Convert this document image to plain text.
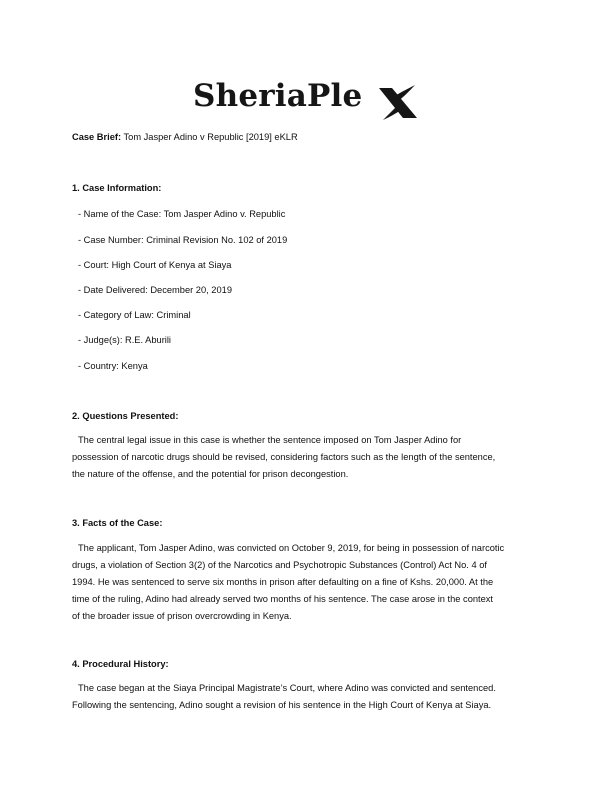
SheriaPle
Case Brief: Tom Jasper Adino v Republic [2019] eKLR
1. Case Information:
- Name of the Case: Tom Jasper Adino v. Republic
- Case Number: Criminal Revision No. 102 of 2019
- Court: High Court of Kenya at Siaya
- Date Delivered: December 20, 2019
- Category of Law: Criminal
- Judge(s): R.E. Aburili
- Country: Kenya
2. Questions Presented:
The central legal issue in this case is whether the sentence imposed on Tom Jasper Adino for
possession of narcotic drugs should be revised, considering factors such as the length of the sentence,
the nature of the offense, and the potential for prison decongestion.
3. Facts of the Case:
The applicant, Tom Jasper Adino, was convicted on October 9, 2019, for being in possession of narcotic
drugs, a violation of Section 3(2) of the Narcotics and Psychotropic Substances (Control) Act No. 4 of
1994. He was sentenced to serve six months in prison after defaulting on a fine of Kshs. 20,000. At the
time of the ruling, Adino had already served two months of his sentence. The case arose in the context
of the broader issue of prison overcrowding in Kenya.
4. Procedural History:
The case began at the Siaya Principal Magistrate’s Court, where Adino was convicted and sentenced.
Following the sentencing, Adino sought a revision of his sentence in the High Court of Kenya at Siaya.
